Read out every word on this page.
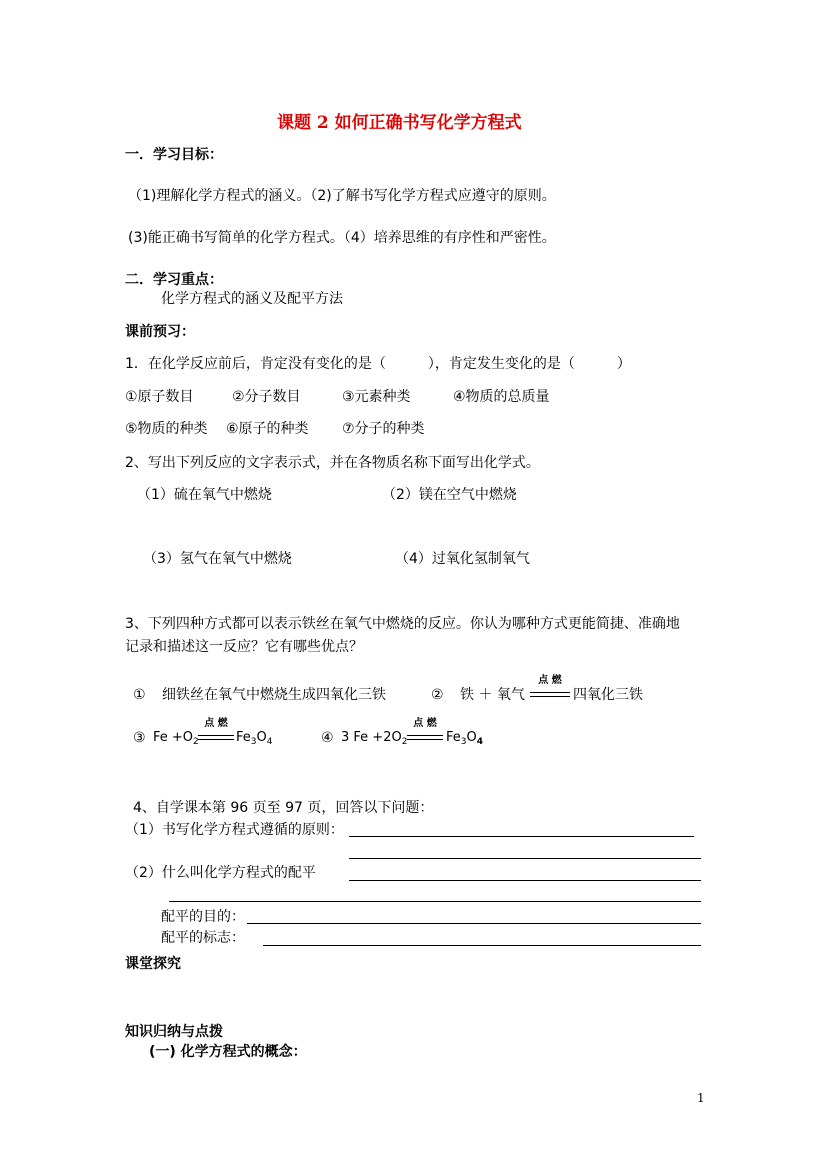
课题 2 如何正确书写化学方程式
一．学习目标：
（1)理解化学方程式的涵义。（2)了解书写化学方程式应遵守的原则。
(3)能正确书写简单的化学方程式。（4）培养思维的有序性和严密性。
二．学习重点：
化学方程式的涵义及配平方法
课前预习：
1．在化学反应前后，肯定没有变化的是（　　　），肯定发生变化的是（　　　）
①原子数目	②分子数目	③元素种类	④物质的总质量
⑤物质的种类 ⑥原子的种类 ⑦分子的种类
2、写出下列反应的文字表示式，并在各物质名称下面写出化学式。
（1）硫在氧气中燃烧	（2）镁在空气中燃烧
（3）氢气在氧气中燃烧	（4）过氧化氢制氧气
3、下列四种方式都可以表示铁丝在氧气中燃烧的反应。你认为哪种方式更能简捷、准确地
记录和描述这一反应？它有哪些优点？
① 细铁丝在氧气中燃烧生成四氧化三铁	② 铁 ＋ 氧气
点 燃
四氧化三铁
③ $Fe +O_2$
点 燃
$Fe_3O_4$	④ 3 $Fe +2O_2$
点 燃
$Fe_3O_4$
4、自学课本第 96 页至 97 页，回答以下问题：
（1）书写化学方程式遵循的原则：
（2）什么叫化学方程式的配平
配平的目的：
配平的标志：
课堂探究
知识归纳与点拨
(一) 化学方程式的概念：
1
